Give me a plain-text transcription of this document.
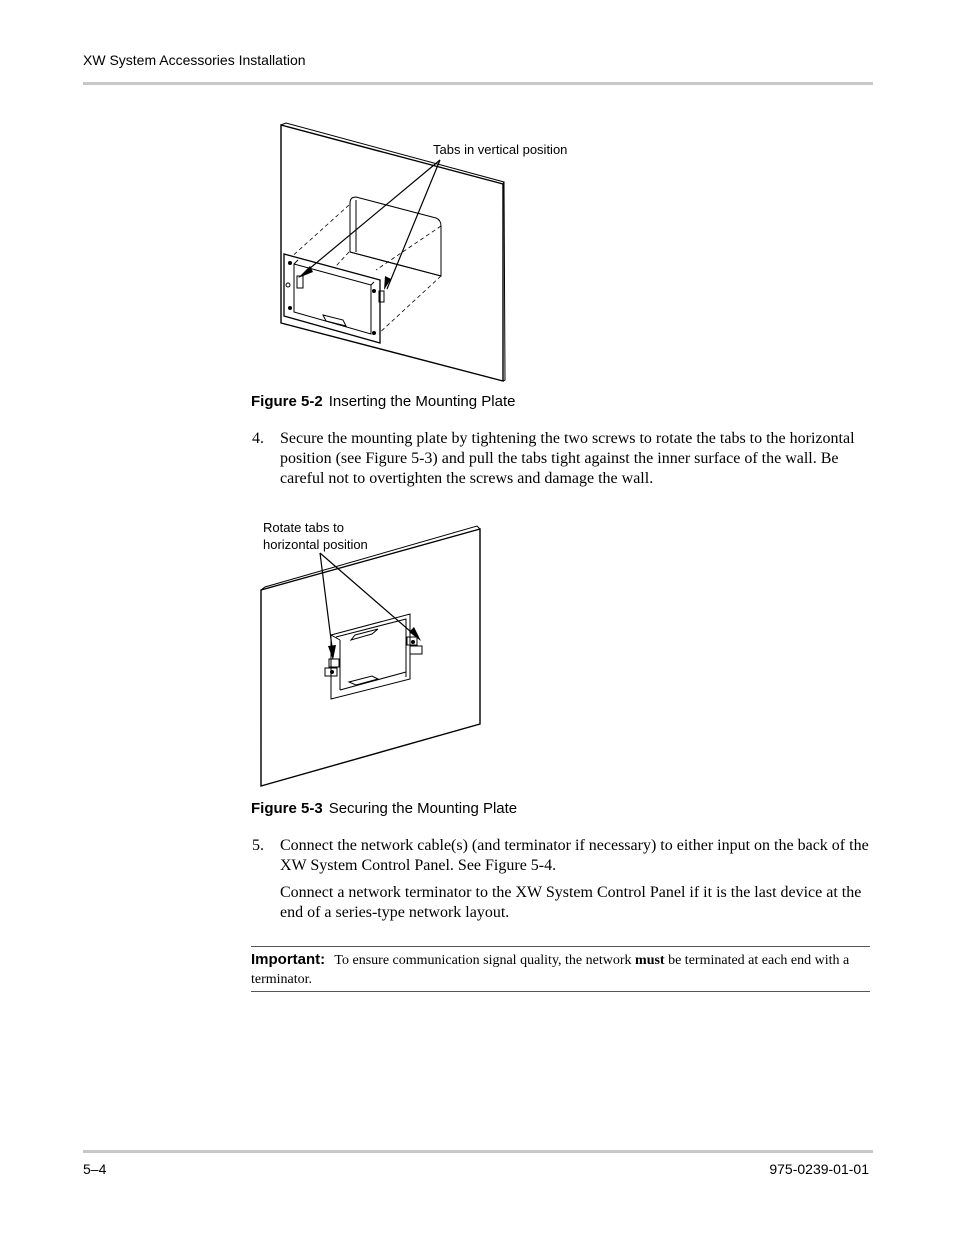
XW System Accessories Installation
Tabs in vertical position
Figure 5-2 Inserting the Mounting Plate
4. Secure the mounting plate by tightening the two screws to rotate the tabs to the horizontal position (see Figure 5-3) and pull the tabs tight against the inner surface of the wall. Be careful not to overtighten the screws and damage the wall.
Rotate tabs to
horizontal position
Figure 5-3 Securing the Mounting Plate
5. Connect the network cable(s) (and terminator if necessary) to either input on the back of the XW System Control Panel. See Figure 5-4.
Connect a network terminator to the XW System Control Panel if it is the last device at the end of a series-type network layout.
Important: To ensure communication signal quality, the network must be terminated at each end with a terminator.
5–4	975-0239-01-01
